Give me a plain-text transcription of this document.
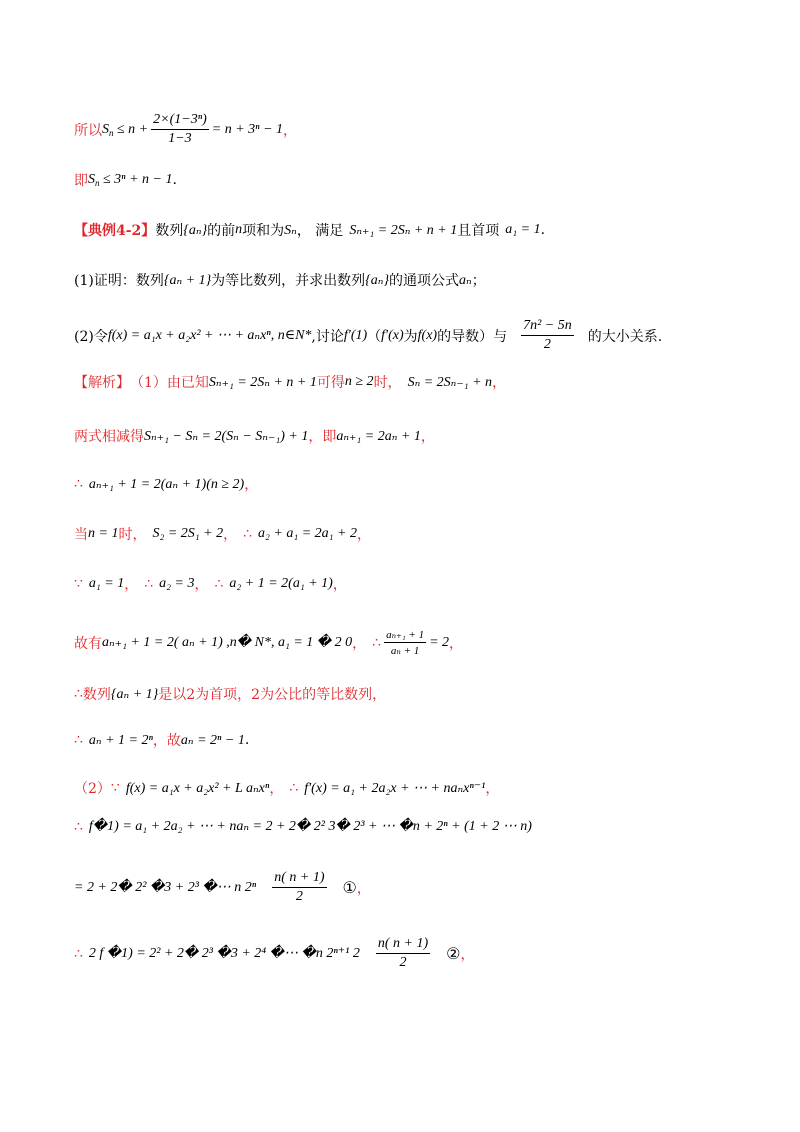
所以 $S_n \le n + \frac{\text{2×(1−3ⁿ)}}{1-3} = n + 3^n - 1$ ，
即 $S_n \le 3^n + n - 1$ .
【典例4-2】 数列 {aₙ} 的前 n 项和为 Sₙ ， 满足 Sₙ₊₁ = 2Sₙ + n + 1 且首项 a₁ = 1 .
(1)证明：数列 {aₙ + 1} 为等比数列，并求出数列 {aₙ} 的通项公式 aₙ ；
(2)令 f(x) = a₁x + a₂x² + ⋯ + aₙxⁿ, n∈N* ,讨论 f′(1) （ f′(x) 为 f(x) 的导数）与 $\frac{\text{7n² − 5n}}{2}$ 的大小关系.
【解析】 （1）由已知 Sₙ₊₁ = 2Sₙ + n + 1 可得 n ≥ 2 时， Sₙ = 2Sₙ₋₁ + n ，
两式相减得 Sₙ₊₁ − Sₙ = 2(Sₙ − Sₙ₋₁) + 1 ，即 aₙ₊₁ = 2aₙ + 1 ，
∴ aₙ₊₁ + 1 = 2(aₙ + 1)(n ≥ 2) ，
当 n = 1 时， S₂ = 2S₁ + 2 ， ∴ a₂ + a₁ = 2a₁ + 2 ，
∵ a₁ = 1 ， ∴ a₂ = 3 ， ∴ a₂ + 1 = 2(a₁ + 1) ，
故有 aₙ₊₁ + 1 = 2( aₙ + 1) ,n� N*, a₁ = 1 � 2 0 ， ∴ $\frac{\text{aₙ₊₁ + 1}}{\text{aₙ + 1}} = 2$ ，
∴ 数列 {aₙ + 1} 是以2为首项，2为公比的等比数列，
∴ aₙ + 1 = 2ⁿ ，故 aₙ = 2ⁿ − 1 .
（2） ∵ f(x) = a₁x + a₂x² + L aₙxⁿ ， ∴ f′(x) = a₁ + 2a₂x + ⋯ + naₙxⁿ⁻¹ ，
∴ f�1) = a₁ + 2a₂ + ⋯ + naₙ = 2 + 2� 2² 3� 2³ + ⋯ �n + 2ⁿ + (1 + 2 ⋯ n)
= 2 + 2� 2² �3 + 2³ �⋯ n $2^n \frac{n( n + 1)}{2}$ ① ，
∴ 2 f �1) = 2² + 2� 2³ �3 + 2⁴ �⋯ �n 2ⁿ⁺¹ $2 \frac{n( n + 1)}{2}$ ② ，
